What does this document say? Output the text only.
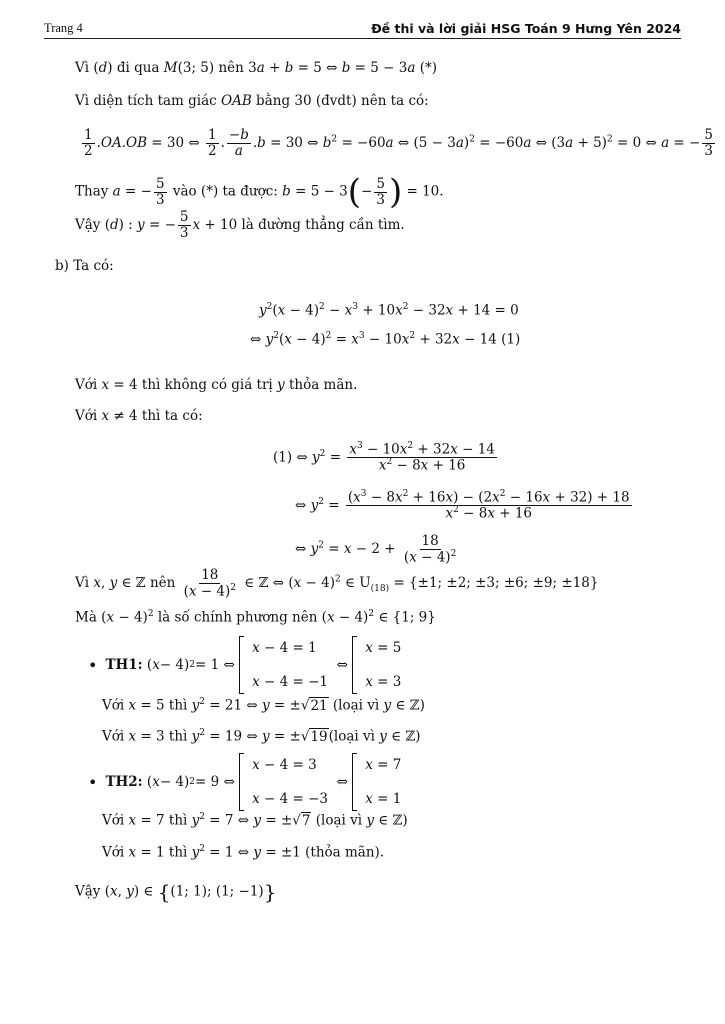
Trang 4	Đề thi và lời giải HSG Toán 9 Hưng Yên 2024
Vì (d) đi qua M(3; 5) nên 3a + b = 5 ⇔ b = 5 − 3a (*)
Vì diện tích tam giác OAB bằng 30 (đvdt) nên ta có:
$\frac{1}{2} .OA.OB = 30$ ⇔ $\frac{1}{2}$ . $\frac{-b}{a} .b = 30$ ⇔ $b^2 = -60a$ ⇔ $(5 - 3a)^2 = -60a$ ⇔ $(3a + 5)^2 = 0$ ⇔ a = − $\frac{5}{3}$
Thay a = − $\frac{5}{3}$ vào (*) ta được: $b = 5 - 3(- \frac{5}{3}$ ) = 10.
Vậy (d) : y = − $\frac{5}{3}$ x + 10 là đường thẳng cần tìm.
b) Ta có:
$y^2(x - 4)^2 - x^3 + 10x^2 - 32x + 14 = 0$
⇔ $y^2(x - 4)^2 = x^3 - 10x^2 + 32x - 14$ (1)
Với x = 4 thì không có giá trị y thỏa mãn.
Với x ≠ 4 thì ta có:
(1) ⇔ $y^2 = \frac{x^3 - 10x^2 + 32x - 14}{x^2 - 8x + 16}$
⇔ $y^2 = \frac{(x^3 - 8x^2 + 16x) - (2x^2 - 16x + 32) + 18}{x^2 - 8x + 16}$
⇔ $y^2 = x - 2 + \frac{18}{(x - 4)^2}$
Vì x, y ∈ ℤ nên $\frac{18}{(x - 4)^2}$ ∈ ℤ ⇔ $(x - 4)^2$ ∈ $U_{(18)} = \{\pm 1$; ±2; ±3; ±6; ±9; ±18}
Mà $(x - 4)^2$ là số chính phương nên $(x - 4)^2$ ∈ {1; 9}
• TH1: ( x − 4) 2 = 1 ⇔
x − 4 = 1
x − 4 = −1
⇔
x = 5
x = 3
Với x = 5 thì $y^2 = 21$ ⇔ y = ±√21 (loại vì y ∈ ℤ)
Với x = 3 thì $y^2 = 19$ ⇔ y = ±√19(loại vì y ∈ ℤ)
• TH2: ( x − 4) 2 = 9 ⇔
x − 4 = 3
x − 4 = −3
⇔
x = 7
x = 1
Với x = 7 thì $y^2 = 7$ ⇔ y = ±√7 (loại vì y ∈ ℤ)
Với x = 1 thì $y^2 = 1$ ⇔ y = ±1 (thỏa mãn).
Vậy (x, y) ∈ {(1; 1); (1; −1)}
